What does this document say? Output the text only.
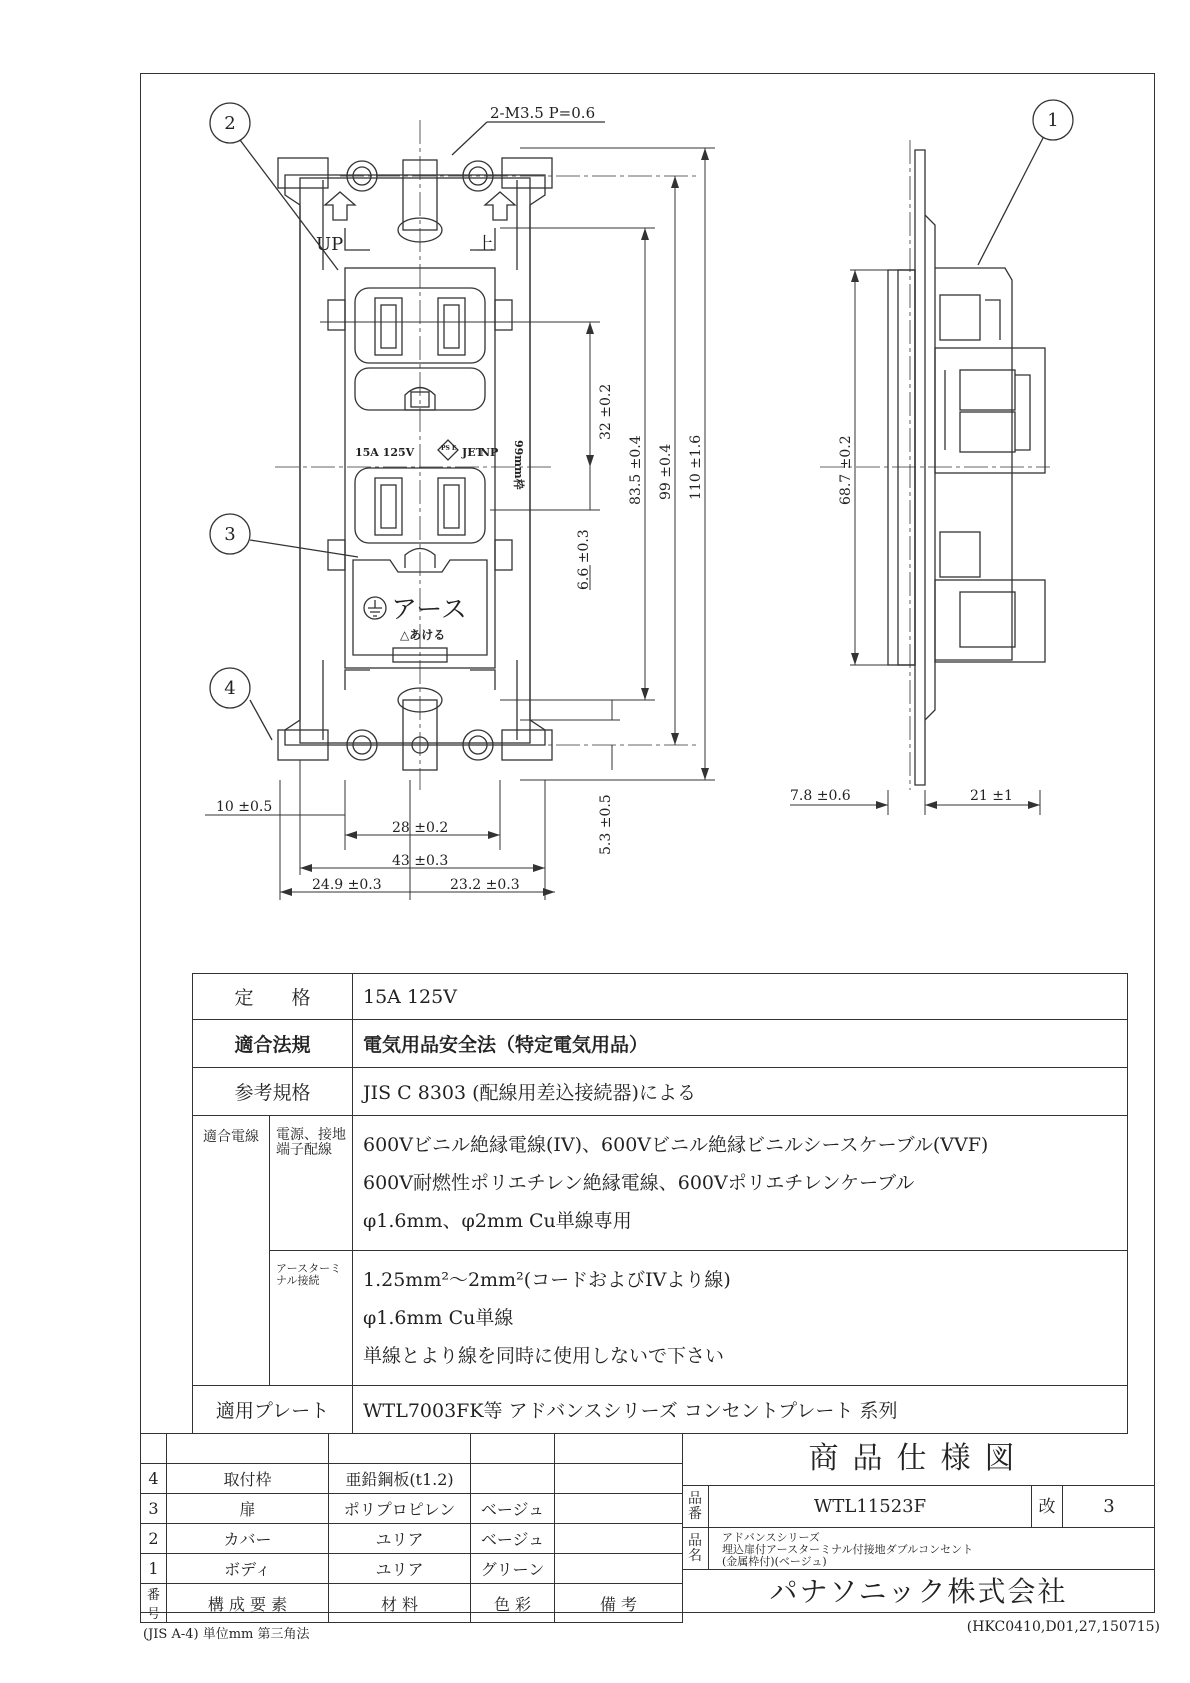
UP	上
15A 125V	JET
NP
PS E	99mm枠
アース
△あける
1
2
3
4
2-M3.5 P=0.6
32 ±0.2
83.5 ±0.4 99 ±0.4 110 ±1.6
6.6 ±0.3
5.3 ±0.5
68.7 ±0.2
10 ±0.5
28 ±0.2
43 ±0.3
24.9 ±0.3	23.2 ±0.3
7.8 ±0.6	21 ±1
定　　格		15A 125V
適合法規		電気用品安全法（特定電気用品）
参考規格		JIS C 8303 (配線用差込接続器)による
適合電線	電源、接地端子配線	600Vビニル絶縁電線(IV)、600Vビニル絶縁ビニルシースケーブル(VVF)
600V耐燃性ポリエチレン絶縁電線、600Vポリエチレンケーブル
φ1.6mm、φ2mm Cu単線専用

	アースターミナル接続	1.25mm²～2mm²(コードおよびIVより線)
φ1.6mm Cu単線
単線とより線を同時に使用しないで下さい

適用プレート		WTL7003FK等 アドバンスシリーズ コンセントプレート 系列

4	取付枠	亜鉛鋼板(t1.2)		
3	扉	ポリプロピレン	ベージュ	
2	カバー	ユリア	ベージュ	
1	ボディ	ユリア	グリーン	
番号	構 成 要 素	材 料	色 彩	備 考
商品仕様図
品番	WTL11523F	改	3
品名
アドバンスシリーズ
埋込扉付アースターミナル付接地ダブルコンセント
(金属枠付)(ベージュ)
パナソニック株式会社
(JIS A-4) 単位mm 第三角法	(HKC0410,D01,27,150715)
